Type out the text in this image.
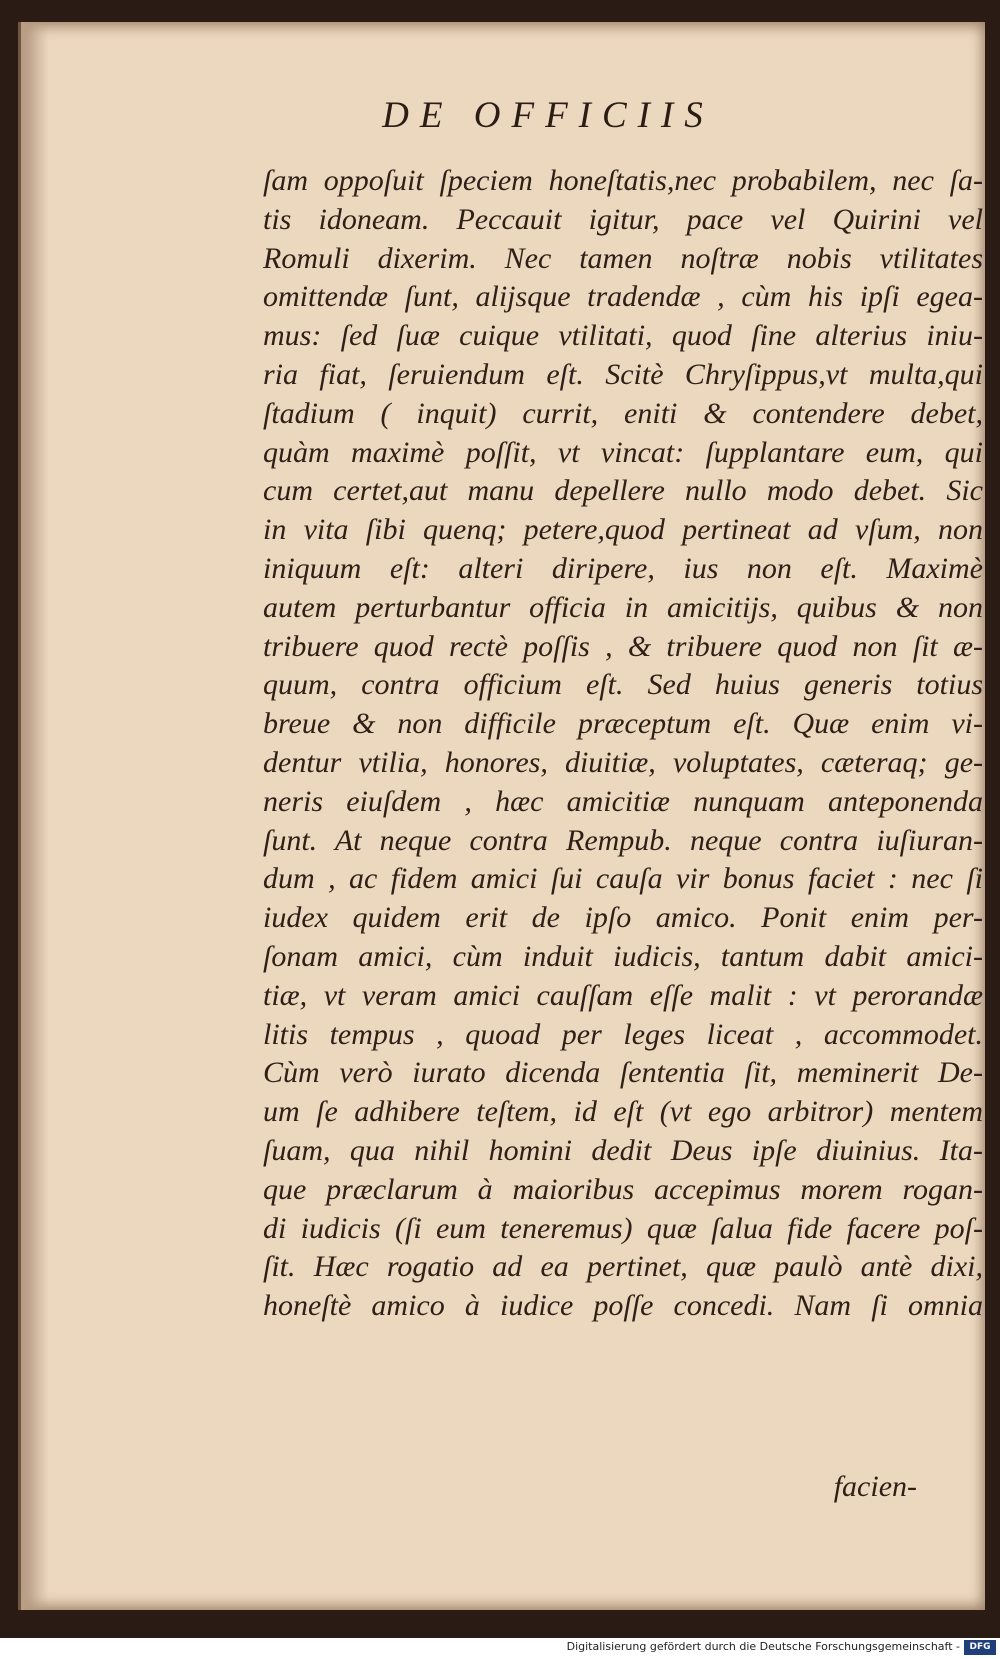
DE OFFICIIS
ſam oppoſuit ſpeciem honeſtatis,nec probabilem, nec ſa-
tis idoneam. Peccauit igitur, pace vel Quirini vel
Romuli dixerim. Nec tamen noſtræ nobis vtilitates
omittendæ ſunt, alijsque tradendæ , cùm his ipſi egea-
mus: ſed ſuæ cuique vtilitati, quod ſine alterius iniu-
ria fiat, ſeruiendum eſt. Scitè Chryſippus,vt multa,qui
ſtadium ( inquit) currit, eniti & contendere debet,
quàm maximè poſſit, vt vincat: ſupplantare eum, qui
cum certet,aut manu depellere nullo modo debet. Sic
in vita ſibi quenq; petere,quod pertineat ad vſum, non
iniquum eſt: alteri diripere, ius non eſt. Maximè
autem perturbantur officia in amicitijs, quibus & non
tribuere quod rectè poſſis , & tribuere quod non ſit æ-
quum, contra officium eſt. Sed huius generis totius
breue & non difficile præceptum eſt. Quæ enim vi-
dentur vtilia, honores, diuitiæ, voluptates, cæteraq; ge-
neris eiuſdem , hæc amicitiæ nunquam anteponenda
ſunt. At neque contra Rempub. neque contra iuſiuran-
dum , ac fidem amici ſui cauſa vir bonus faciet : nec ſi
iudex quidem erit de ipſo amico. Ponit enim per-
ſonam amici, cùm induit iudicis, tantum dabit amici-
tiæ, vt veram amici cauſſam eſſe malit : vt perorandæ
litis tempus , quoad per leges liceat , accommodet.
Cùm verò iurato dicenda ſententia ſit, meminerit De-
um ſe adhibere teſtem, id eſt (vt ego arbitror) mentem
ſuam, qua nihil homini dedit Deus ipſe diuinius. Ita-
que præclarum à maioribus accepimus morem rogan-
di iudicis (ſi eum teneremus) quæ ſalua fide facere poſ-
ſit. Hæc rogatio ad ea pertinet, quæ paulò antè dixi,
honeſtè amico à iudice poſſe concedi. Nam ſi omnia
facien-
Digitalisierung gefördert durch die Deutsche Forschungsgemeinschaft -	DFG
